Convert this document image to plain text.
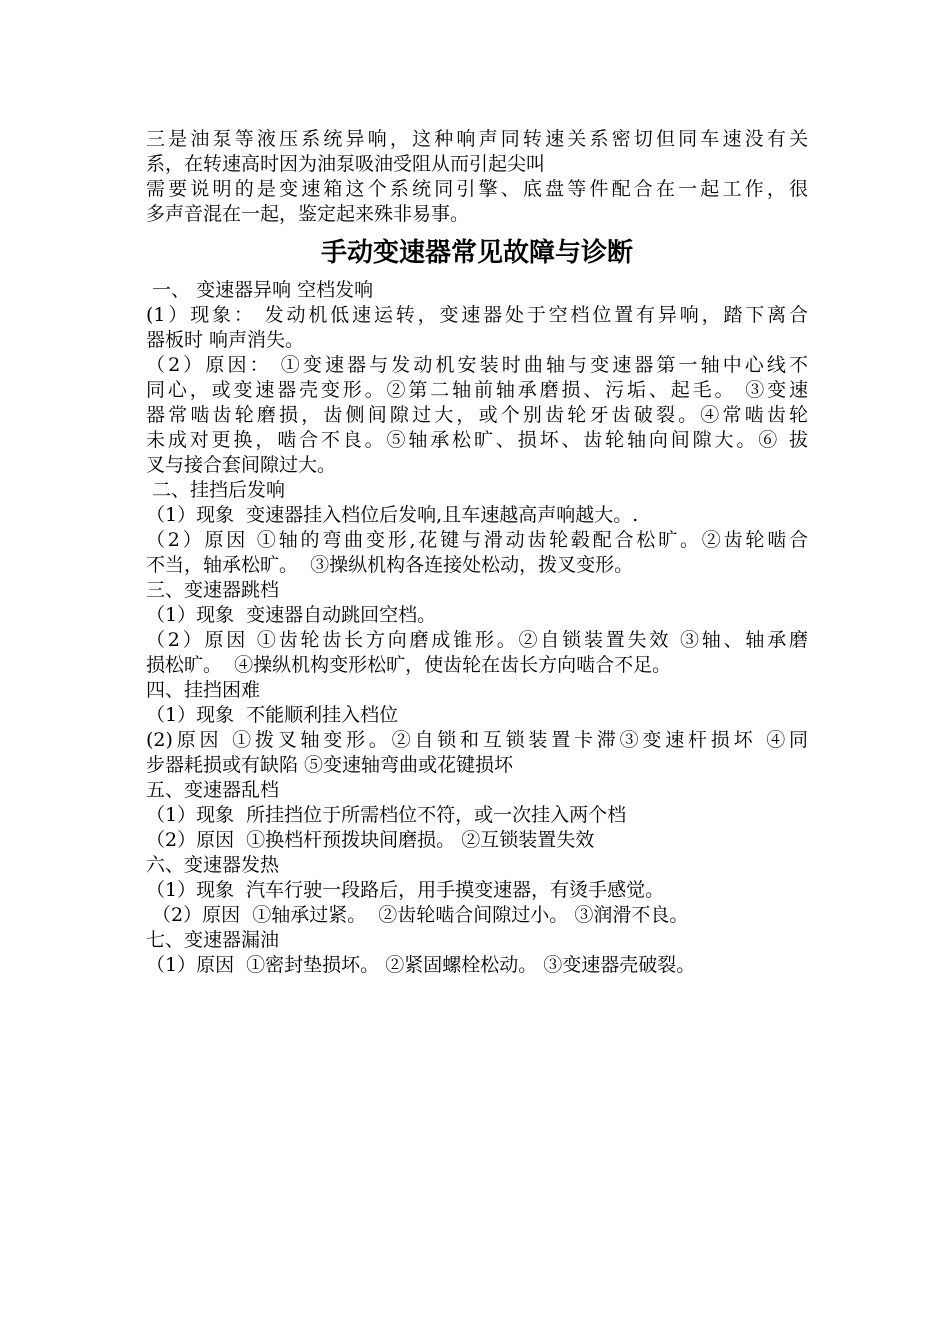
三是油泵等液压系统异响，这种响声同转速关系密切但同车速没有关
系，在转速高时因为油泵吸油受阻从而引起尖叫
需要说明的是变速箱这个系统同引擎、底盘等件配合在一起工作，很
多声音混在一起，鉴定起来殊非易事。
手动变速器常见故障与诊断
一、 变速器异响 空档发响
(1）现象： 发动机低速运转，变速器处于空档位置有异响，踏下离合
器板时 响声消失。
（2）原因： ①变速器与发动机安装时曲轴与变速器第一轴中心线不
同心，或变速器壳变形。②第二轴前轴承磨损、污垢、起毛。 ③变速
器常啮齿轮磨损，齿侧间隙过大，或个别齿轮牙齿破裂。④常啮齿轮
未成对更换，啮合不良。⑤轴承松旷、损坏、齿轮轴向间隙大。⑥ 拔
叉与接合套间隙过大。
二、挂挡后发响
（1）现象  变速器挂入档位后发响,且车速越高声响越大。.
（2）原因 ①轴的弯曲变形,花键与滑动齿轮毂配合松旷。②齿轮啮合
不当，轴承松旷。  ③操纵机构各连接处松动，拨叉变形。
三、变速器跳档
（1）现象  变速器自动跳回空档。
（2）原因 ①齿轮齿长方向磨成锥形。②自锁装置失效 ③轴、轴承磨
损松旷。  ④操纵机构变形松旷，使齿轮在齿长方向啮合不足。
四、挂挡困难
（1）现象  不能顺利挂入档位
(2)原因 ①拨叉轴变形。②自锁和互锁装置卡滞③变速杆损坏 ④同
步器耗损或有缺陷 ⑤变速轴弯曲或花键损坏
五、变速器乱档
（1）现象  所挂挡位于所需档位不符，或一次挂入两个档
（2）原因  ①换档杆预拨块间磨损。 ②互锁装置失效
六、变速器发热
（1）现象  汽车行驶一段路后，用手摸变速器，有烫手感觉。
（2）原因  ①轴承过紧。  ②齿轮啮合间隙过小。 ③润滑不良。
七、变速器漏油
（1）原因  ①密封垫损坏。 ②紧固螺栓松动。 ③变速器壳破裂。
